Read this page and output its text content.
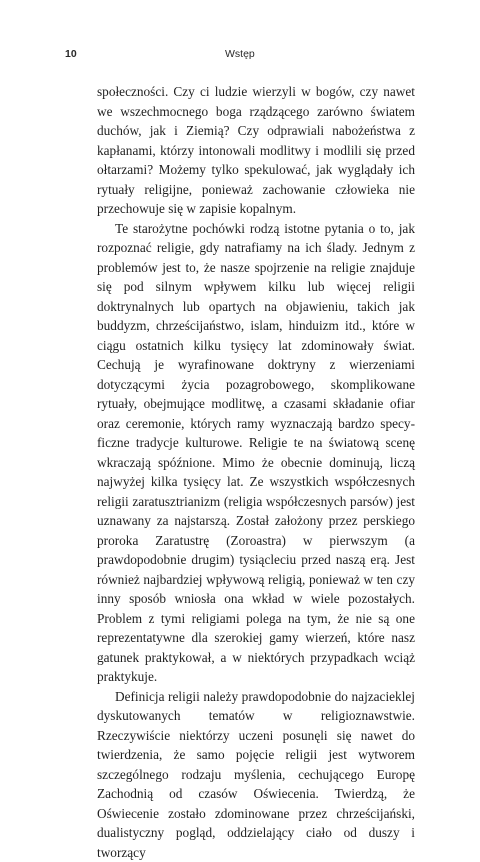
10	Wstęp

społeczności. Czy ci ludzie wierzyli w bogów, czy nawet we wszechmocnego boga rządzącego zarówno światem duchów, jak i Ziemią? Czy odprawiali nabożeństwa z kapłanami, którzy intonowali modlitwy i modlili się przed ołtarzami? Możemy tylko spekulować, jak wyglądały ich rytuały religijne, ponieważ zachowanie człowieka nie przechowuje się w zapisie kopalnym.

Te starożytne pochówki rodzą istotne pytania o to, jak rozpoznać religie, gdy natrafiamy na ich ślady. Jednym z problemów jest to, że nasze spojrzenie na religie znajduje się pod silnym wpływem kilku lub więcej religii doktrynalnych lub opartych na objawieniu, takich jak buddyzm, chrześcijaństwo, islam, hinduizm itd., które w ciągu ostatnich kilku tysięcy lat zdominowały świat. Cechują je wyrafinowane doktryny z wierzeniami dotyczącymi życia pozagrobowego, skomplikowane rytuały, obejmujące modlitwę, a czasami składanie ofiar oraz ceremonie, których ramy wyznaczają bardzo specyficzne tradycje kulturowe. Religie te na światową scenę wkraczają spóźnione. Mimo że obecnie dominują, liczą najwyżej kilka tysięcy lat. Ze wszystkich współczesnych religii zaratusztrianizm (religia współczesnych parsów) jest uznawany za najstarszą. Został założony przez perskiego proroka Zaratustrę (Zoroastra) w pierwszym (a prawdopodobnie drugim) tysiącleciu przed naszą erą. Jest również najbardziej wpływową religią, ponieważ w ten czy inny sposób wniosła ona wkład w wiele pozostałych. Problem z tymi religiami polega na tym, że nie są one reprezentatywne dla szerokiej gamy wierzeń, które nasz gatunek praktykował, a w niektórych przypadkach wciąż praktykuje.

Definicja religii należy prawdopodobnie do najzacieklej dyskutowanych tematów w religioznawstwie. Rzeczywiście niektórzy uczeni posunęli się nawet do twierdzenia, że samo pojęcie religii jest wytworem szczególnego rodzaju myślenia, cechującego Europę Zachodnią od czasów Oświecenia. Twierdzą, że Oświecenie zostało zdominowane przez chrześcijański, dualistyczny pogląd, oddzielający ciało od duszy i tworzący
